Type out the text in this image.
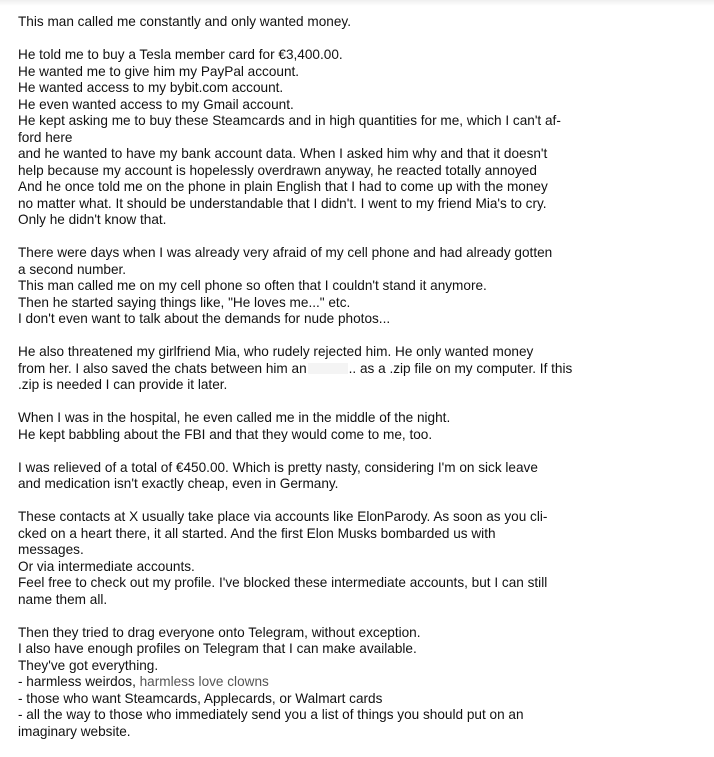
This man called me constantly and only wanted money.

He told me to buy a Tesla member card for €3,400.00.
He wanted me to give him my PayPal account.
He wanted access to my bybit.com account.
He even wanted access to my Gmail account.
He kept asking me to buy these Steamcards and in high quantities for me, which I can't af-
ford here
and he wanted to have my bank account data. When I asked him why and that it doesn't
help because my account is hopelessly overdrawn anyway, he reacted totally annoyed
And he once told me on the phone in plain English that I had to come up with the money
no matter what. It should be understandable that I didn't. I went to my friend Mia's to cry.
Only he didn't know that.

There were days when I was already very afraid of my cell phone and had already gotten
a second number.
This man called me on my cell phone so often that I couldn't stand it anymore.
Then he started saying things like, "He loves me..." etc.
I don't even want to talk about the demands for nude photos...

He also threatened my girlfriend Mia, who rudely rejected him. He only wanted money
from her. I also saved the chats between him an	.. as a .zip file on my computer. If this
.zip is needed I can provide it later.

When I was in the hospital, he even called me in the middle of the night.
He kept babbling about the FBI and that they would come to me, too.

I was relieved of a total of €450.00. Which is pretty nasty, considering I'm on sick leave
and medication isn't exactly cheap, even in Germany.

These contacts at X usually take place via accounts like ElonParody. As soon as you cli-
cked on a heart there, it all started. And the first Elon Musks bombarded us with
messages.
Or via intermediate accounts.
Feel free to check out my profile. I've blocked these intermediate accounts, but I can still
name them all.

Then they tried to drag everyone onto Telegram, without exception.
I also have enough profiles on Telegram that I can make available.
They've got everything.
- harmless weirdos, harmless love clowns
- those who want Steamcards, Applecards, or Walmart cards
- all the way to those who immediately send you a list of things you should put on an
imaginary website.
